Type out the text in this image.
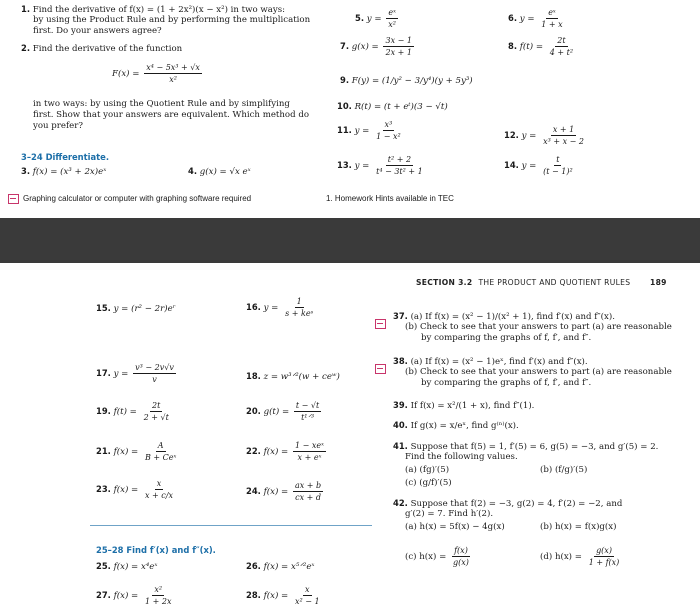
1. Find the derivative of f(x) = (1 + 2x²)(x − x²) in two ways:
by using the Product Rule and by performing the multiplication
first. Do your answers agree?
2. Find the derivative of the function
$F(x) = \frac{\text{x⁴ − 5x³ + √x}}{\text{x²}}$
in two ways: by using the Quotient Rule and by simplifying
first. Show that your answers are equivalent. Which method do
you prefer?
3–24 Differentiate.
3. f(x) = (x³ + 2x)eˣ	4. g(x) = √x eˣ
5. $y = \frac{\text{eˣ}}{\text{x²}}$	6. $y = \frac{\text{eˣ}}{1 + x}$
7. $g(x) = \frac{3x - 1}{2x + 1}$	8. $f(t) = \frac{2t}{\text{4 + t²}}$
9. F(y) = (1/y² − 3/y⁴)(y + 5y³)
10. R(t) = (t + eᵗ)(3 − √t)
11. $y = \frac{\text{x³}}{\text{1 − x²}}$	12. $y = \frac{x + 1}{\text{x³ + x − 2}}$
13. $y = \frac{\text{t² + 2}}{\text{t⁴ − 3t² + 1}}$	14. $y = \frac{t}{\text{(t − 1)²}}$
Graphing calculator or computer with graphing software required	1. Homework Hints available in TEC
SECTION 3.2 THE PRODUCT AND QUOTIENT RULES	189
15. y = (r² − 2r)eʳ	16. $y = \frac{1}{\text{s + keˢ}}$
17. $y = \frac{\text{v³ − 2v√v}}{v}$	18. z = w³ᐟ²(w + ceʷ)
19. $f(t) = \frac{2t}{2 + √t}$	20. $g(t) = \frac{t - √t}{\text{t¹ᐟ³}}$
21. $f(x) = \frac{A}{\text{B + Ceˣ}}$	22. $f(x) = \frac{\text{1 − xeˣ}}{\text{x + eˣ}}$
23. $f(x) = \frac{x}{x + c/x}$	24. $f(x) = \frac{ax + b}{cx + d}$
25–28 Find f′(x) and f″(x).
25. f(x) = x⁴eˣ	26. f(x) = x⁵ᐟ²eˣ
27. $f(x) = \frac{\text{x²}}{1 + 2x}$	28. $f(x) = \frac{x}{\text{x² − 1}}$
37. (a) If f(x) = (x² − 1)/(x² + 1), find f′(x) and f″(x).
(b) Check to see that your answers to part (a) are reasonable
by comparing the graphs of f, f′, and f″.
38. (a) If f(x) = (x² − 1)eˣ, find f′(x) and f″(x).
(b) Check to see that your answers to part (a) are reasonable
by comparing the graphs of f, f′, and f″.
39. If f(x) = x²/(1 + x), find f″(1).
40. If g(x) = x/eˣ, find g⁽ⁿ⁾(x).
41. Suppose that f(5) = 1, f′(5) = 6, g(5) = −3, and g′(5) = 2.
Find the following values.
(a) (fg)′(5)	(b) (f/g)′(5)
(c) (g/f)′(5)
42. Suppose that f(2) = −3, g(2) = 4, f′(2) = −2, and
g′(2) = 7. Find h′(2).
(a) h(x) = 5f(x) − 4g(x)	(b) h(x) = f(x)g(x)
(c) $h(x) = \frac{f(x)}{g(x)}$	(d) $h(x) = \frac{g(x)}{1 + f(x)}$
